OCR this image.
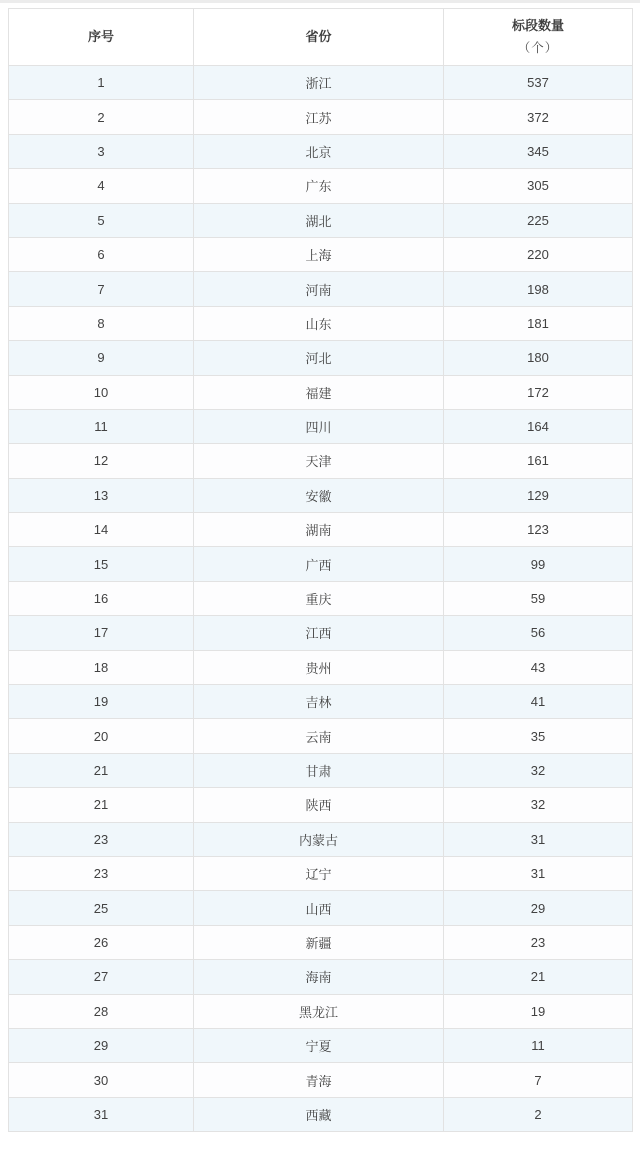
序号	省份	标段数量
（个）

1	浙江	537
2	江苏	372
3	北京	345
4	广东	305
5	湖北	225
6	上海	220
7	河南	198
8	山东	181
9	河北	180
10	福建	172
11	四川	164
12	天津	161
13	安徽	129
14	湖南	123
15	广西	99
16	重庆	59
17	江西	56
18	贵州	43
19	吉林	41
20	云南	35
21	甘肃	32
21	陕西	32
23	内蒙古	31
23	辽宁	31
25	山西	29
26	新疆	23
27	海南	21
28	黑龙江	19
29	宁夏	11
30	青海	7
31	西藏	2
